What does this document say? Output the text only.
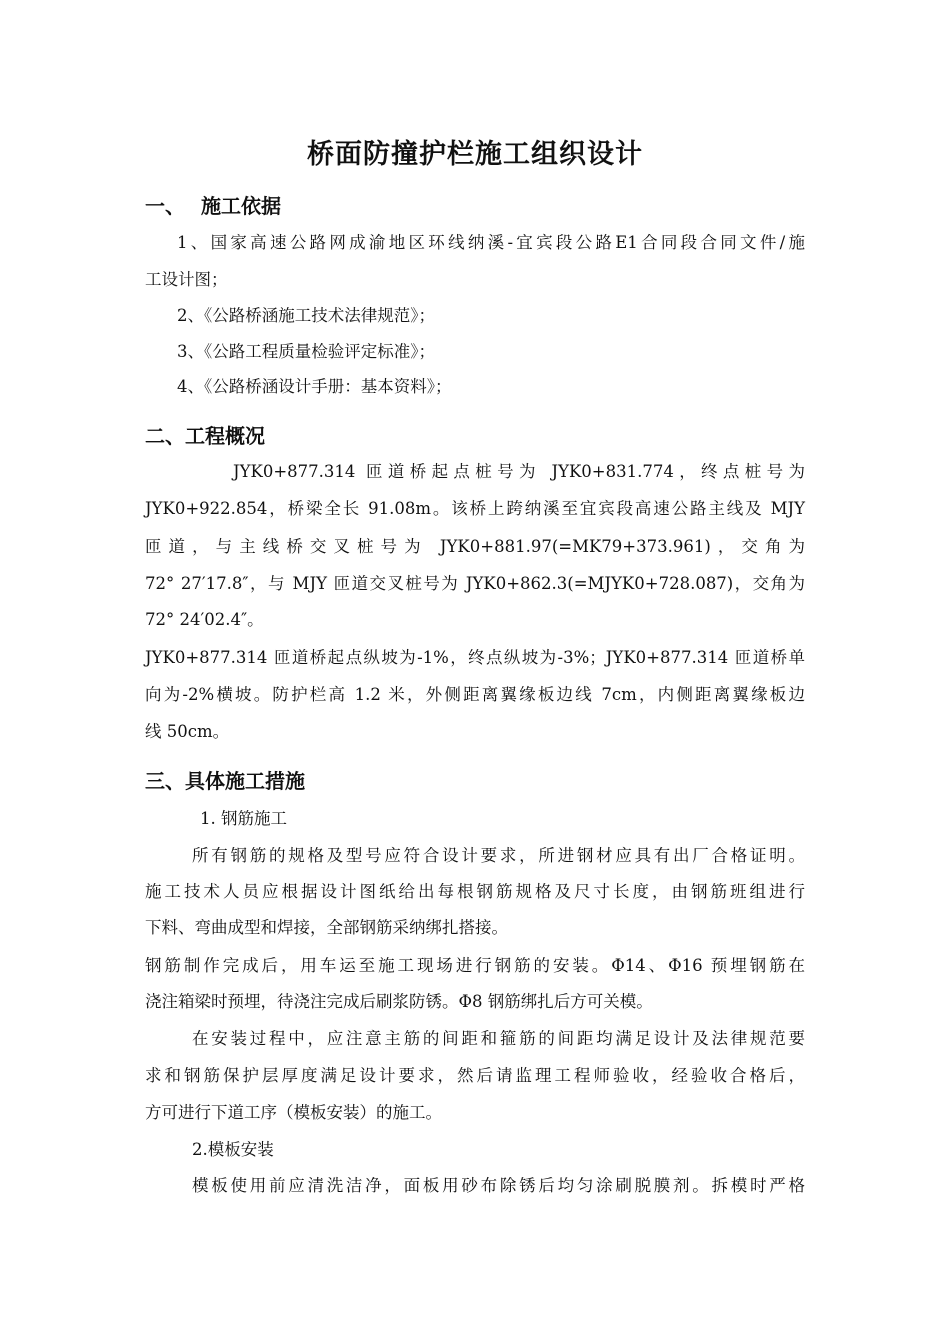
桥面防撞护栏施工组织设计
一、 施工依据
1、国家高速公路网成渝地区环线纳溪-宜宾段公路E1合同段合同文件/施
工设计图；
2、《公路桥涵施工技术法律规范》；
3、《公路工程质量检验评定标准》；
4、《公路桥涵设计手册：基本资料》；
二、工程概况
JYK0+877.314 匝道桥起点桩号为 JYK0+831.774，终点桩号为
JYK0+922.854，桥梁全长 91.08m。该桥上跨纳溪至宜宾段高速公路主线及 MJY
匝道，与主线桥交叉桩号为 JYK0+881.97(=MK79+373.961)，交角为
72° 27′17.8″，与 MJY 匝道交叉桩号为 JYK0+862.3(=MJYK0+728.087)，交角为
72° 24′02.4″。
JYK0+877.314 匝道桥起点纵坡为-1%，终点纵坡为-3%；JYK0+877.314 匝道桥单
向为-2%横坡。防护栏高 1.2 米，外侧距离翼缘板边线 7cm，内侧距离翼缘板边
线 50cm。
三、具体施工措施
1. 钢筋施工
所有钢筋的规格及型号应符合设计要求，所进钢材应具有出厂合格证明。
施工技术人员应根据设计图纸给出每根钢筋规格及尺寸长度，由钢筋班组进行
下料、弯曲成型和焊接，全部钢筋采纳绑扎搭接。
钢筋制作完成后，用车运至施工现场进行钢筋的安装。Φ14、Φ16 预埋钢筋在
浇注箱梁时预埋，待浇注完成后刷浆防锈。Φ8 钢筋绑扎后方可关模。
在安装过程中，应注意主筋的间距和箍筋的间距均满足设计及法律规范要
求和钢筋保护层厚度满足设计要求，然后请监理工程师验收，经验收合格后，
方可进行下道工序（模板安装）的施工。
2.模板安装
模板使用前应清洗洁净，面板用砂布除锈后均匀涂刷脱膜剂。拆模时严格
